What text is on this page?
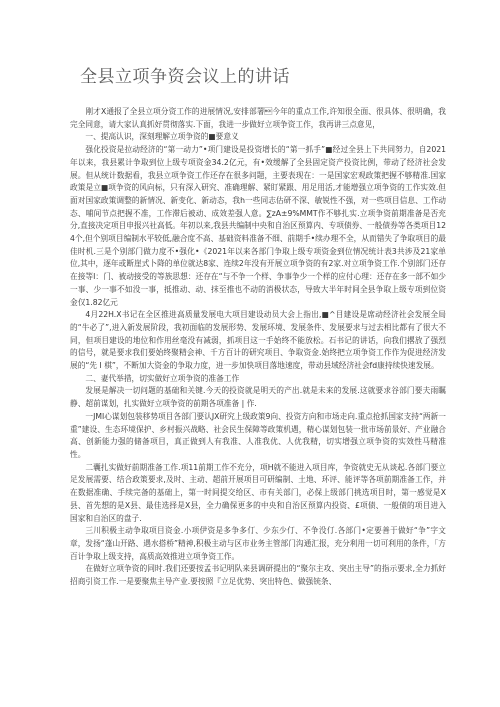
全县立项争资会议上的讲话

刚才X通报了全县立项分资工作的进展情况,安排部署今年的重点工作,许知很全面、很具体、很明确，我完全同意，请大家认真抓好贯彻落实.下面，我进一步做好立项争资工作，我再讲三点意见，

一、提高认识，深刻理解立项争资的■要意义

强化投资是拉动经济的“第一动力”•项门建设是投资增长的“第一抓手”■经过全县上下共同努力，自2021年以来，我县累计争取到位上级专项资金34.2亿元，有•效缓解了全县固定资产投资比例，带动了经济社会发展。但从统计数据看，我县立项争资工作还存在很多问题，主要表现在：一是国家宏观政策把握不够精准.国家政策是立■项争资的风向标，只有深入研究、准确理解、紧盯紧跟、用足用活,才能增强立项争资的工作实效.但面对国家政策调整的新情况、新变化、新动态，我h一些同志估研不深、敏锐性不强，对一些项目信息、工作动态、哺间节点把握不准，工作滞后被动、成效差强人意。∑zA±9%MMT作不够扎实.立项争资前期准备是否充分,直接决定项目申报兴社高低。年初以来,我县共编制中央和自治区预算内、专项债券、一般债券等各类项目124个,但个别项目编制水平较低,融合度不高、基础资料准备不细、前期手•续办理不全，从而错失了争取项目的最佳时机.三是个别部门做力度不•强化•《2021年以来各部门争取上级专项资金到位情况统计表3共涉及21家单位,其中，逐年或断崖式卜降的单位就达8家、连续2年没有开展立项争资的有2家.对立项争资工作.个别部门还存在接等I：门、被动接受的等族思想：还存在“与不争一个样、争事争少一个样的应付心理：还存在多一部不如少一事、少一事不如没一事，抵推动、动、抹至推也不动的消极状态，导致大半年时间全县争取上级专项到位资金仅1.82亿元

4月22H.X书记在全区推进高质量发展电大项目建设动员大会上指出,■^目建设是席动经济社会发展全局的“牛必了”,进入新发展阶段，我初面临的发展形势、发展环境、发展条件、发展要求与过去相比都有了很大不同，但项目建设的地位和作用丝毫没有减弱，抓项目这一手始终不能放松。石书记的讲话，向我们撂放了强烈的信号，就是要求我们要始终聚精会神、千方百计的研究项目、争取资金.始终把立项争资工作作为促进经济发展的“先 I 棋”，不断加大资金的争取力度，进一步加快项目落地速度，带动县域经济社会fd康持续快速发展。

二、妻代举措，切实做好立项争资的准备工作

发展是解决一切问题的基础和关键.今天的投资就是明天的产出.就是未来的发展.这就要求谷部门要夫雨瞩静、超前谋划，扎实做好立项争资的前期各项准备 | 作.

一JMI心谋划包装移势项目各部门要认JX研究上级政策9向、投资方向和市场走向.重点抢抓国家支持“两新一重”建设、生态环境保护、乡村振兴战略、社会民生保障等政策机遇，精心谋划包装一批市场前景好、产业融合高、创新能力强的储备项目，真正做到人有我准、人准我优、人优我精，切实增强立项争资的实效性马精准性。

二囊扎实做好前期准备工作.项11前期工作不充分，项H就不能进入项目库，争资就史无从谈起.各部门要立足发展需要、结合政策要求,及时、主动、超前开展项目可研编制、土地、环评、能评等各项前期准备工作，并在数据准确、手续完备的基础上，第一时间提交给区、市有关部门，必保上级部门挑选项目时，第一感觉是X县、首先想的是X县、最佳选择是X县，全力确保更多的中央和自治区预算内投资、£项债、一般债的项目进入国家和自治区的盘子.

三川积极主动争取项目资金.小项伊资是多争多仃、少东少仃、不争没仃.各部门•定要善于做好“争”字文章，发扬“蓬山开路、遇水搭桥”精神,积极主动与区市业务主管部门沟通汇报，充分利用一切可利用的条件，「方百计争取上级支持，高质高效推进立项争资工作。

在做好立项争资的同时.我们还要按孟书记明队来县调研提出的“聚尔主攻、突出主导”的指示要求,全力抓好招商引资工作.一是要聚焦主导产业.要按照『立足优势、突出特色、做强铳条、
